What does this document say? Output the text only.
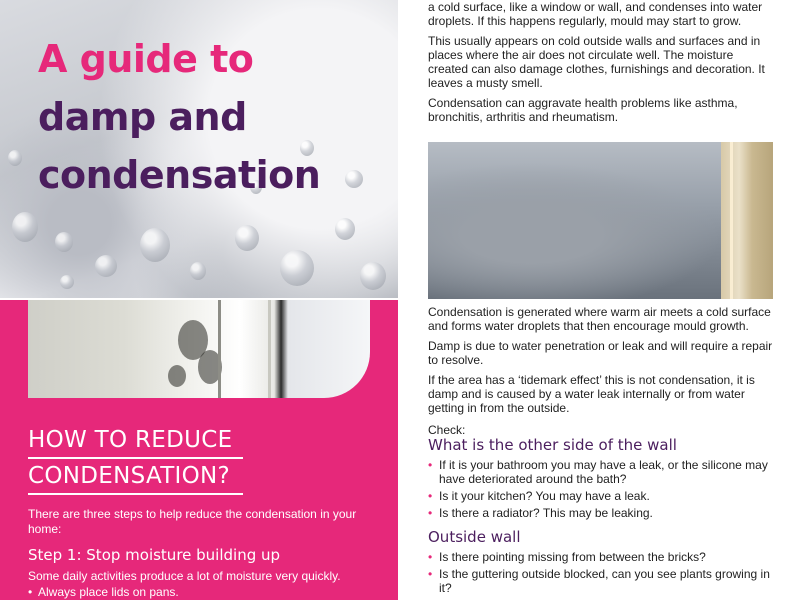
A guide to
damp and
condensation
HOW TO REDUCE
CONDENSATION?
There are three steps to help reduce the condensation in your home:
Step 1: Stop moisture building up
Some daily activities produce a lot of moisture very quickly.
• Always place lids on pans.

a cold surface, like a window or wall, and condenses into water droplets. If this happens regularly, mould may start to grow.

This usually appears on cold outside walls and surfaces and in places where the air does not circulate well. The moisture created can also damage clothes, furnishings and decoration. It leaves a musty smell.

Condensation can aggravate health problems like asthma, bronchitis, arthritis and rheumatism.

Condensation is generated where warm air meets a cold surface and forms water droplets that then encourage mould growth.

Damp is due to water penetration or leak and will require a repair to resolve.

If the area has a ‘tidemark effect’ this is not condensation, it is damp and is caused by a water leak internally or from water getting in from the outside.

Check:

What is the other side of the wall
• If it is your bathroom you may have a leak, or the silicone may have deteriorated around the bath?
• Is it your kitchen? You may have a leak.
• Is there a radiator? This may be leaking.
Outside wall
• Is there pointing missing from between the bricks?
• Is the guttering outside blocked, can you see plants growing in it?
